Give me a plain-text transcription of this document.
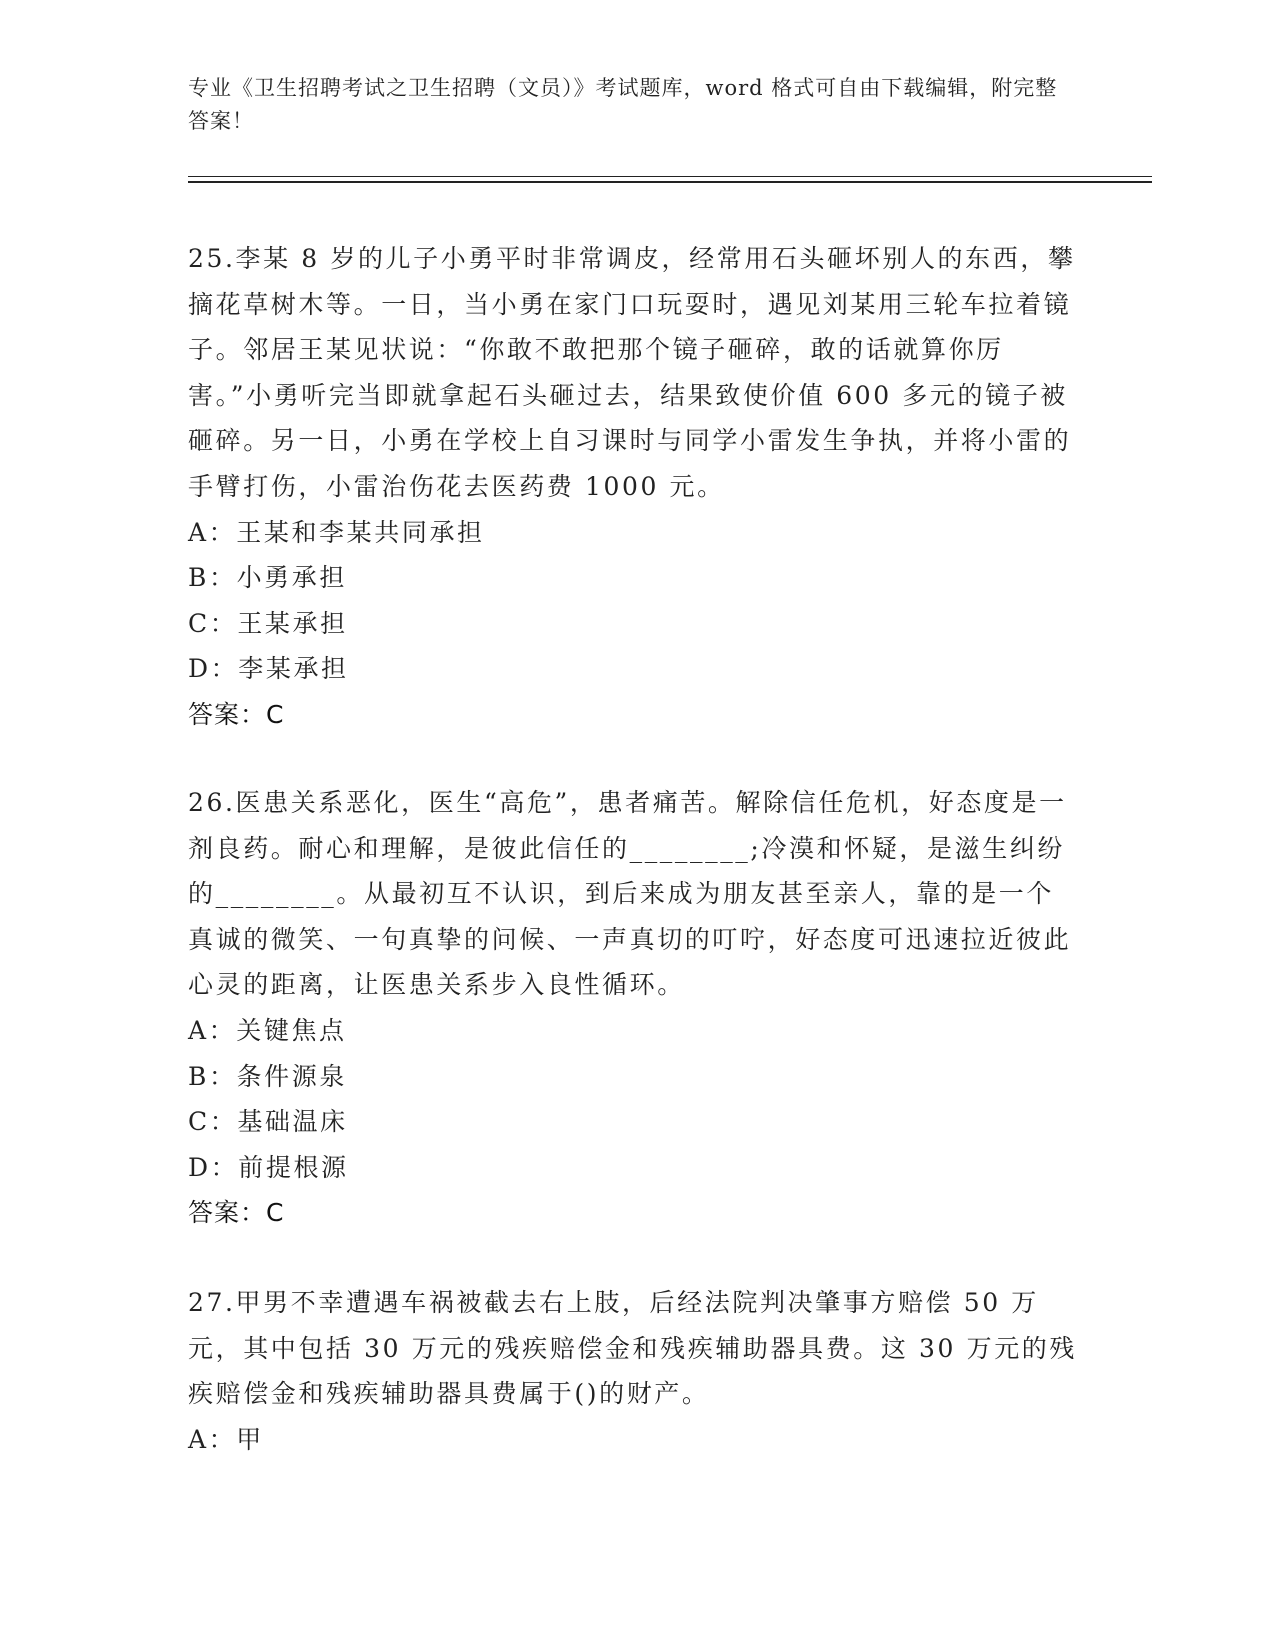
专业《卫生招聘考试之卫生招聘（文员）》考试题库，word 格式可自由下载编辑，附完整答案！
25.李某 8 岁的儿子小勇平时非常调皮，经常用石头砸坏别人的东西，攀摘花草树木等。一日，当小勇在家门口玩耍时，遇见刘某用三轮车拉着镜子。邻居王某见状说：“你敢不敢把那个镜子砸碎，敢的话就算你厉害。”小勇听完当即就拿起石头砸过去，结果致使价值 600 多元的镜子被砸碎。另一日，小勇在学校上自习课时与同学小雷发生争执，并将小雷的手臂打伤，小雷治伤花去医药费 1000 元。
A：王某和李某共同承担
B：小勇承担
C：王某承担
D：李某承担
答案：C
26.医患关系恶化，医生“高危”，患者痛苦。解除信任危机，好态度是一剂良药。耐心和理解，是彼此信任的________;冷漠和怀疑，是滋生纠纷的________。从最初互不认识，到后来成为朋友甚至亲人，靠的是一个真诚的微笑、一句真挚的问候、一声真切的叮咛，好态度可迅速拉近彼此心灵的距离，让医患关系步入良性循环。
A：关键焦点
B：条件源泉
C：基础温床
D：前提根源
答案：C
27.甲男不幸遭遇车祸被截去右上肢，后经法院判决肇事方赔偿 50 万元，其中包括 30 万元的残疾赔偿金和残疾辅助器具费。这 30 万元的残疾赔偿金和残疾辅助器具费属于()的财产。
A：甲
